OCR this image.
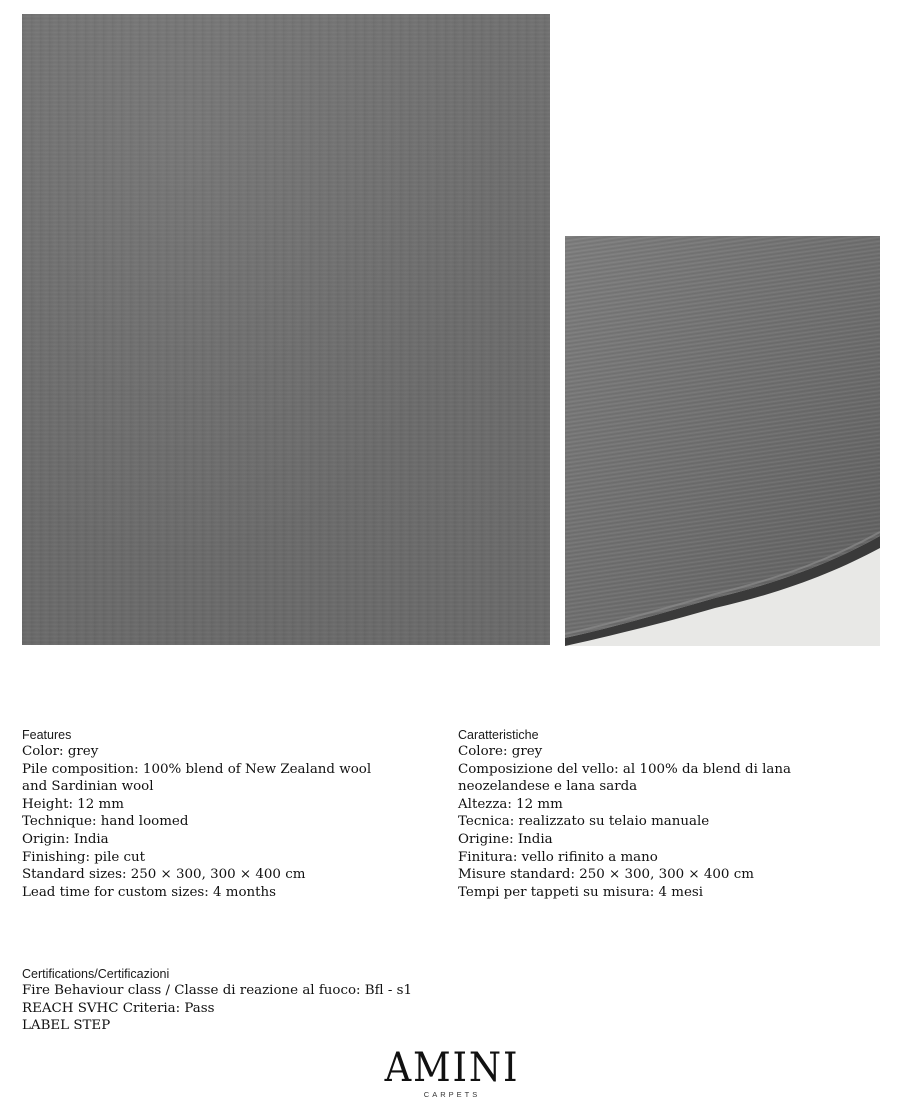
Features
Color: grey
Pile composition: 100% blend of New Zealand wool
and Sardinian wool
Height: 12 mm
Technique: hand loomed
Origin: India
Finishing: pile cut
Standard sizes: 250 × 300, 300 × 400 cm
Lead time for custom sizes: 4 months
Caratteristiche
Colore: grey
Composizione del vello: al 100% da blend di lana
neozelandese e lana sarda
Altezza: 12 mm
Tecnica: realizzato su telaio manuale
Origine: India
Finitura: vello rifinito a mano
Misure standard: 250 × 300, 300 × 400 cm
Tempi per tappeti su misura: 4 mesi
Certifications/Certificazioni
Fire Behaviour class / Classe di reazione al fuoco: Bfl - s1
REACH SVHC Criteria: Pass
LABEL STEP
AMINI
CARPETS
